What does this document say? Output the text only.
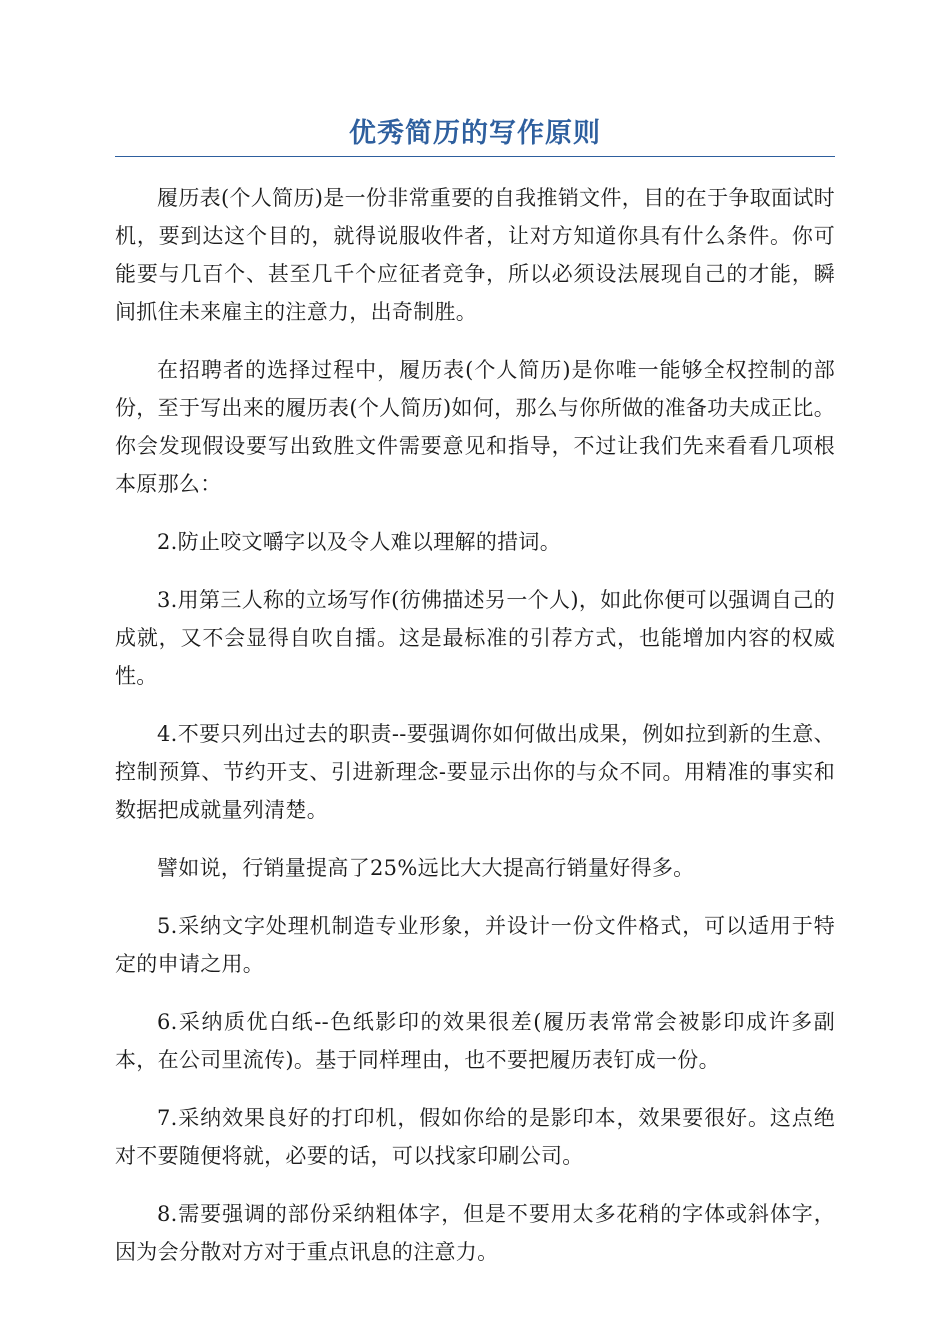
优秀简历的写作原则

履历表(个人简历)是一份非常重要的自我推销文件，目的在于争取面试时机，要到达这个目的，就得说服收件者，让对方知道你具有什么条件。你可能要与几百个、甚至几千个应征者竞争，所以必须设法展现自己的才能，瞬间抓住未来雇主的注意力，出奇制胜。

在招聘者的选择过程中，履历表(个人简历)是你唯一能够全权控制的部份，至于写出来的履历表(个人简历)如何，那么与你所做的准备功夫成正比。你会发现假设要写出致胜文件需要意见和指导，不过让我们先来看看几项根本原那么：

2.防止咬文嚼字以及令人难以理解的措词。

3.用第三人称的立场写作(彷佛描述另一个人)，如此你便可以强调自己的成就，又不会显得自吹自擂。这是最标准的引荐方式，也能增加内容的权威性。

4.不要只列出过去的职责--要强调你如何做出成果，例如拉到新的生意、控制预算、节约开支、引进新理念-要显示出你的与众不同。用精准的事实和数据把成就量列清楚。

譬如说，行销量提高了25%远比大大提高行销量好得多。

5.采纳文字处理机制造专业形象，并设计一份文件格式，可以适用于特定的申请之用。

6.采纳质优白纸--色纸影印的效果很差(履历表常常会被影印成许多副本，在公司里流传)。基于同样理由，也不要把履历表钉成一份。

7.采纳效果良好的打印机，假如你给的是影印本，效果要很好。这点绝对不要随便将就，必要的话，可以找家印刷公司。

8.需要强调的部份采纳粗体字，但是不要用太多花稍的字体或斜体字，因为会分散对方对于重点讯息的注意力。
